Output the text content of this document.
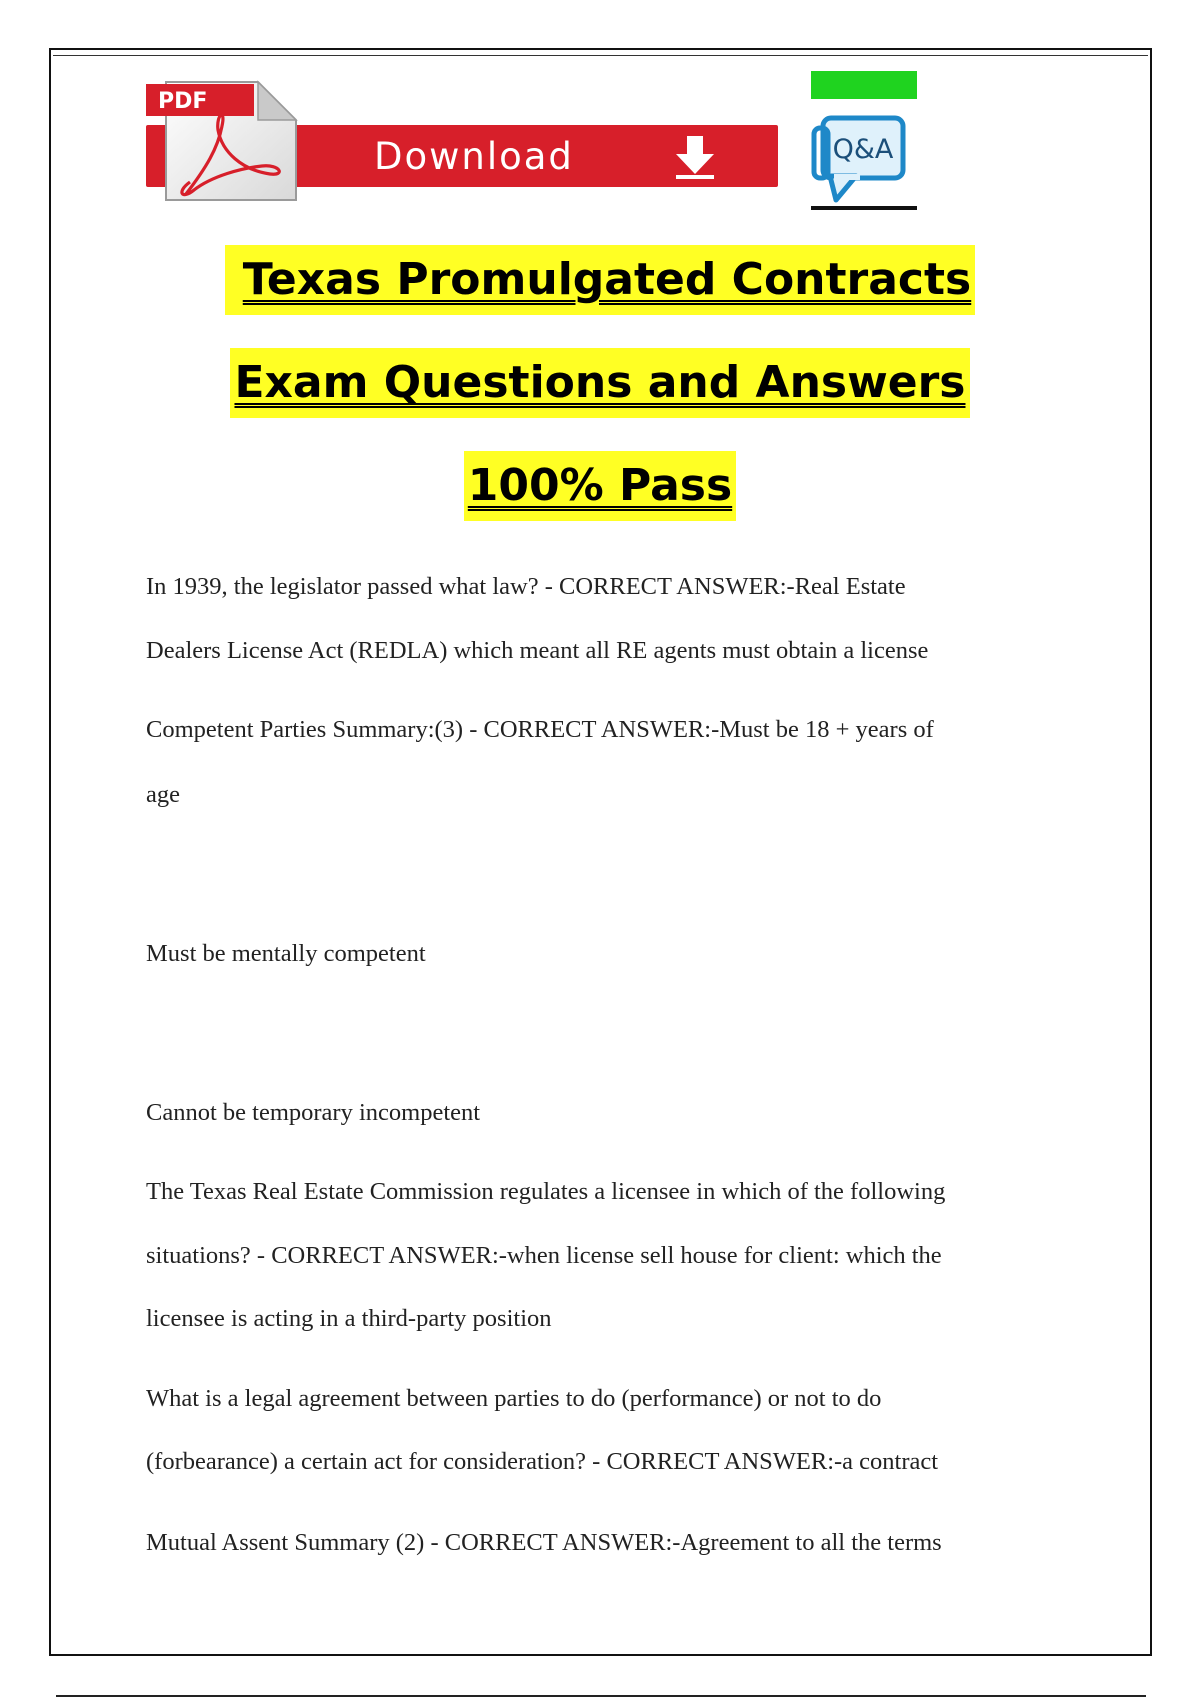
Download
PDF
Q&A
Texas Promulgated Contracts
Exam Questions and Answers
100% Pass
In 1939, the legislator passed what law? - CORRECT ANSWER:-Real Estate
Dealers License Act (REDLA) which meant all RE agents must obtain a license
Competent Parties Summary:(3) - CORRECT ANSWER:-Must be 18 + years of
age
Must be mentally competent
Cannot be temporary incompetent
The Texas Real Estate Commission regulates a licensee in which of the following
situations? - CORRECT ANSWER:-when license sell house for client: which the
licensee is acting in a third-party position
What is a legal agreement between parties to do (performance) or not to do
(forbearance) a certain act for consideration? - CORRECT ANSWER:-a contract
Mutual Assent Summary (2) - CORRECT ANSWER:-Agreement to all the terms
